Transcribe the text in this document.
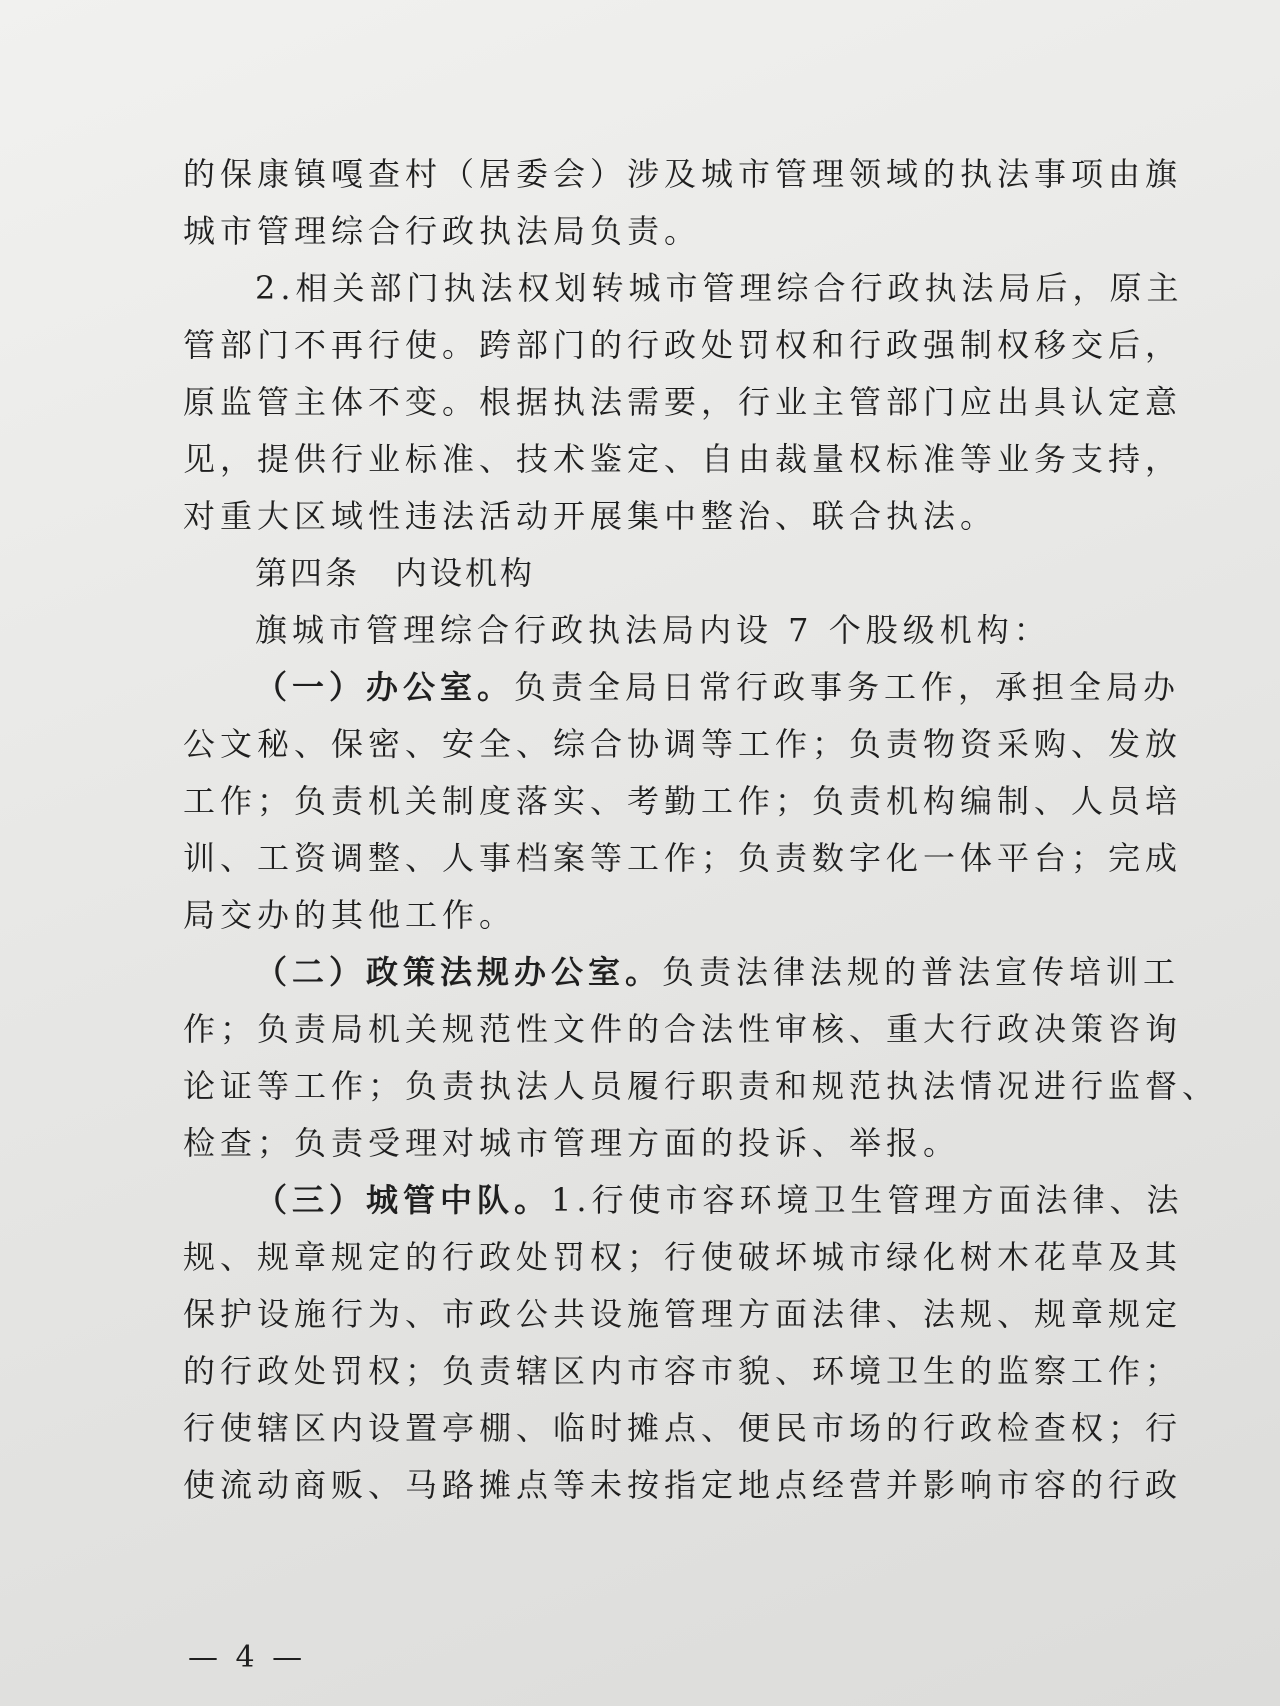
的保康镇嘎查村（居委会）涉及城市管理领域的执法事项由旗
城市管理综合行政执法局负责。
2.相关部门执法权划转城市管理综合行政执法局后，原主
管部门不再行使。跨部门的行政处罚权和行政强制权移交后，
原监管主体不变。根据执法需要，行业主管部门应出具认定意
见，提供行业标准、技术鉴定、自由裁量权标准等业务支持，
对重大区域性违法活动开展集中整治、联合执法。
第四条　内设机构
旗城市管理综合行政执法局内设 7 个股级机构：
（一）办公室。负责全局日常行政事务工作，承担全局办
公文秘、保密、安全、综合协调等工作；负责物资采购、发放
工作；负责机关制度落实、考勤工作；负责机构编制、人员培
训、工资调整、人事档案等工作；负责数字化一体平台；完成
局交办的其他工作。
（二）政策法规办公室。负责法律法规的普法宣传培训工
作；负责局机关规范性文件的合法性审核、重大行政决策咨询
论证等工作；负责执法人员履行职责和规范执法情况进行监督、
检查；负责受理对城市管理方面的投诉、举报。
（三）城管中队。1.行使市容环境卫生管理方面法律、法
规、规章规定的行政处罚权；行使破坏城市绿化树木花草及其
保护设施行为、市政公共设施管理方面法律、法规、规章规定
的行政处罚权；负责辖区内市容市貌、环境卫生的监察工作；
行使辖区内设置亭棚、临时摊点、便民市场的行政检查权；行
使流动商贩、马路摊点等未按指定地点经营并影响市容的行政
— 4 —
